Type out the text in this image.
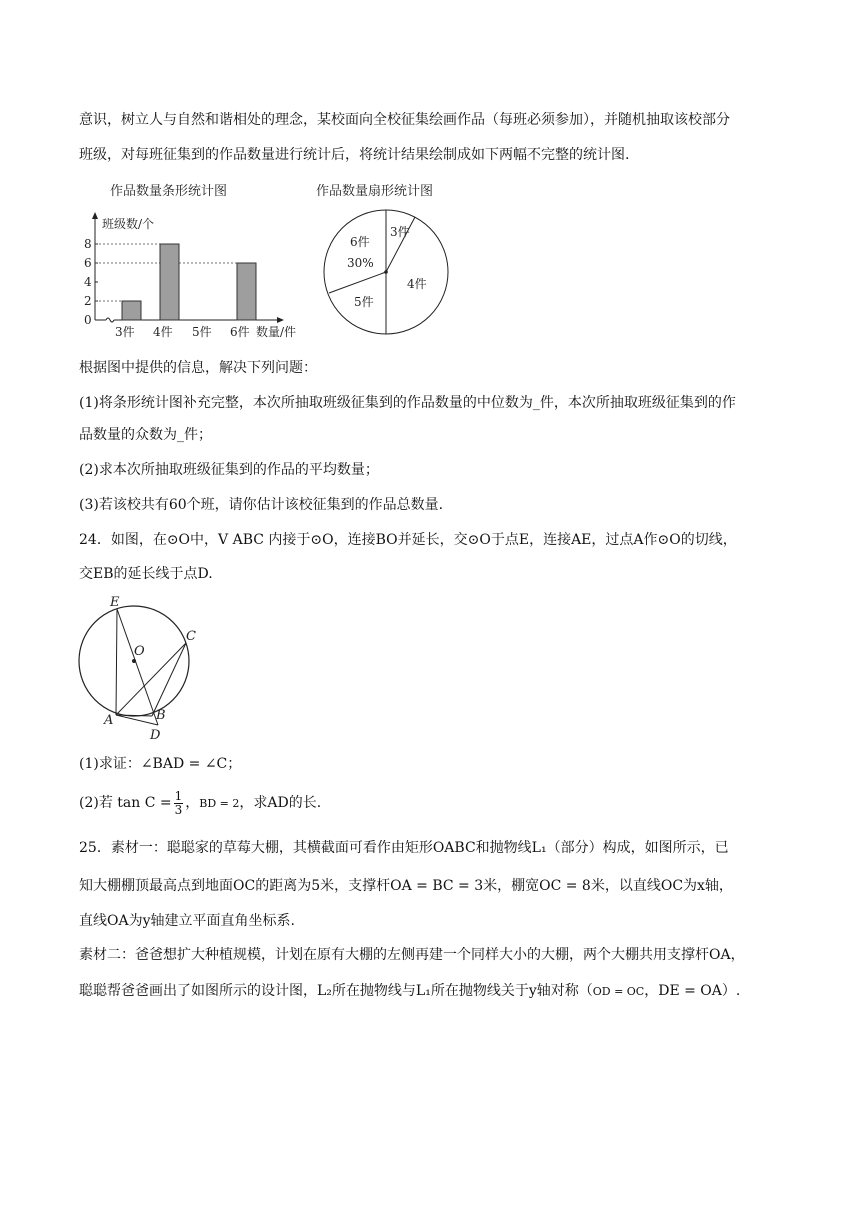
意识，树立人与自然和谐相处的理念，某校面向全校征集绘画作品（每班必须参加），并随机抽取该校部分
班级，对每班征集到的作品数量进行统计后，将统计结果绘制成如下两幅不完整的统计图.
作品数量条形统计图
班级数/个
数量/件
0
2
4
6
8
3件 4件 5件 6件
作品数量扇形统计图
3件
4件
5件
6件
30%
根据图中提供的信息，解决下列问题：
(1)将条形统计图补充完整，本次所抽取班级征集到的作品数量的中位数为_件，本次所抽取班级征集到的作
品数量的众数为_件；
(2)求本次所抽取班级征集到的作品的平均数量；
(3)若该校共有60个班，请你估计该校征集到的作品总数量.
24．如图，在⊙O中，V ABC 内接于⊙O，连接BO并延长，交⊙O于点E，连接AE，过点A作⊙O的切线，
交EB的延长线于点D.
E
O
C
A	B
D
(1)求证：∠BAD = ∠C；
(2)若 $\tan C = \frac{1}{3}$ ，BD = 2，求AD的长.
25．素材一：聪聪家的草莓大棚，其横截面可看作由矩形OABC和抛物线L₁（部分）构成，如图所示，已
知大棚棚顶最高点到地面OC的距离为5米，支撑杆OA = BC = 3米，棚宽OC = 8米，以直线OC为x轴，
直线OA为y轴建立平面直角坐标系.
素材二：爸爸想扩大种植规模，计划在原有大棚的左侧再建一个同样大小的大棚，两个大棚共用支撑杆OA，
聪聪帮爸爸画出了如图所示的设计图，L₂所在抛物线与L₁所在抛物线关于y轴对称（OD = OC，DE = OA）.
